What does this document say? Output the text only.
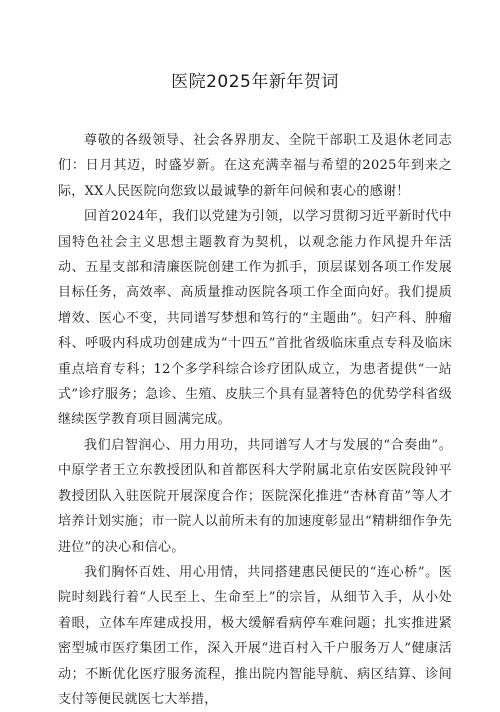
医院2025年新年贺词

尊敬的各级领导、社会各界朋友、全院干部职工及退休老同志们：日月其迈，时盛岁新。在这充满幸福与希望的2025年到来之际，XX人民医院向您致以最诚挚的新年问候和衷心的感谢！

回首2024年，我们以党建为引领，以学习贯彻习近平新时代中国特色社会主义思想主题教育为契机，以观念能力作风提升年活动、五星支部和清廉医院创建工作为抓手，顶层谋划各项工作发展目标任务，高效率、高质量推动医院各项工作全面向好。我们提质增效、医心不变，共同谱写梦想和笃行的“主题曲”。妇产科、肿瘤科、呼吸内科成功创建成为“十四五”首批省级临床重点专科及临床重点培育专科；12个多学科综合诊疗团队成立，为患者提供“一站式”诊疗服务；急诊、生殖、皮肤三个具有显著特色的优势学科省级继续医学教育项目圆满完成。

我们启智润心、用力用功，共同谱写人才与发展的“合奏曲”。中原学者王立东教授团队和首都医科大学附属北京佑安医院段钟平教授团队入驻医院开展深度合作；医院深化推进“杏林育苗”等人才培养计划实施；市一院人以前所未有的加速度彰显出“精耕细作争先进位”的决心和信心。

我们胸怀百姓、用心用情，共同搭建惠民便民的“连心桥”。医院时刻践行着“人民至上、生命至上”的宗旨，从细节入手，从小处着眼，立体车库建成投用，极大缓解看病停车难问题；扎实推进紧密型城市医疗集团工作，深入开展“进百村入千户服务万人”健康活动；不断优化医疗服务流程，推出院内智能导航、病区结算、诊间支付等便民就医七大举措，
